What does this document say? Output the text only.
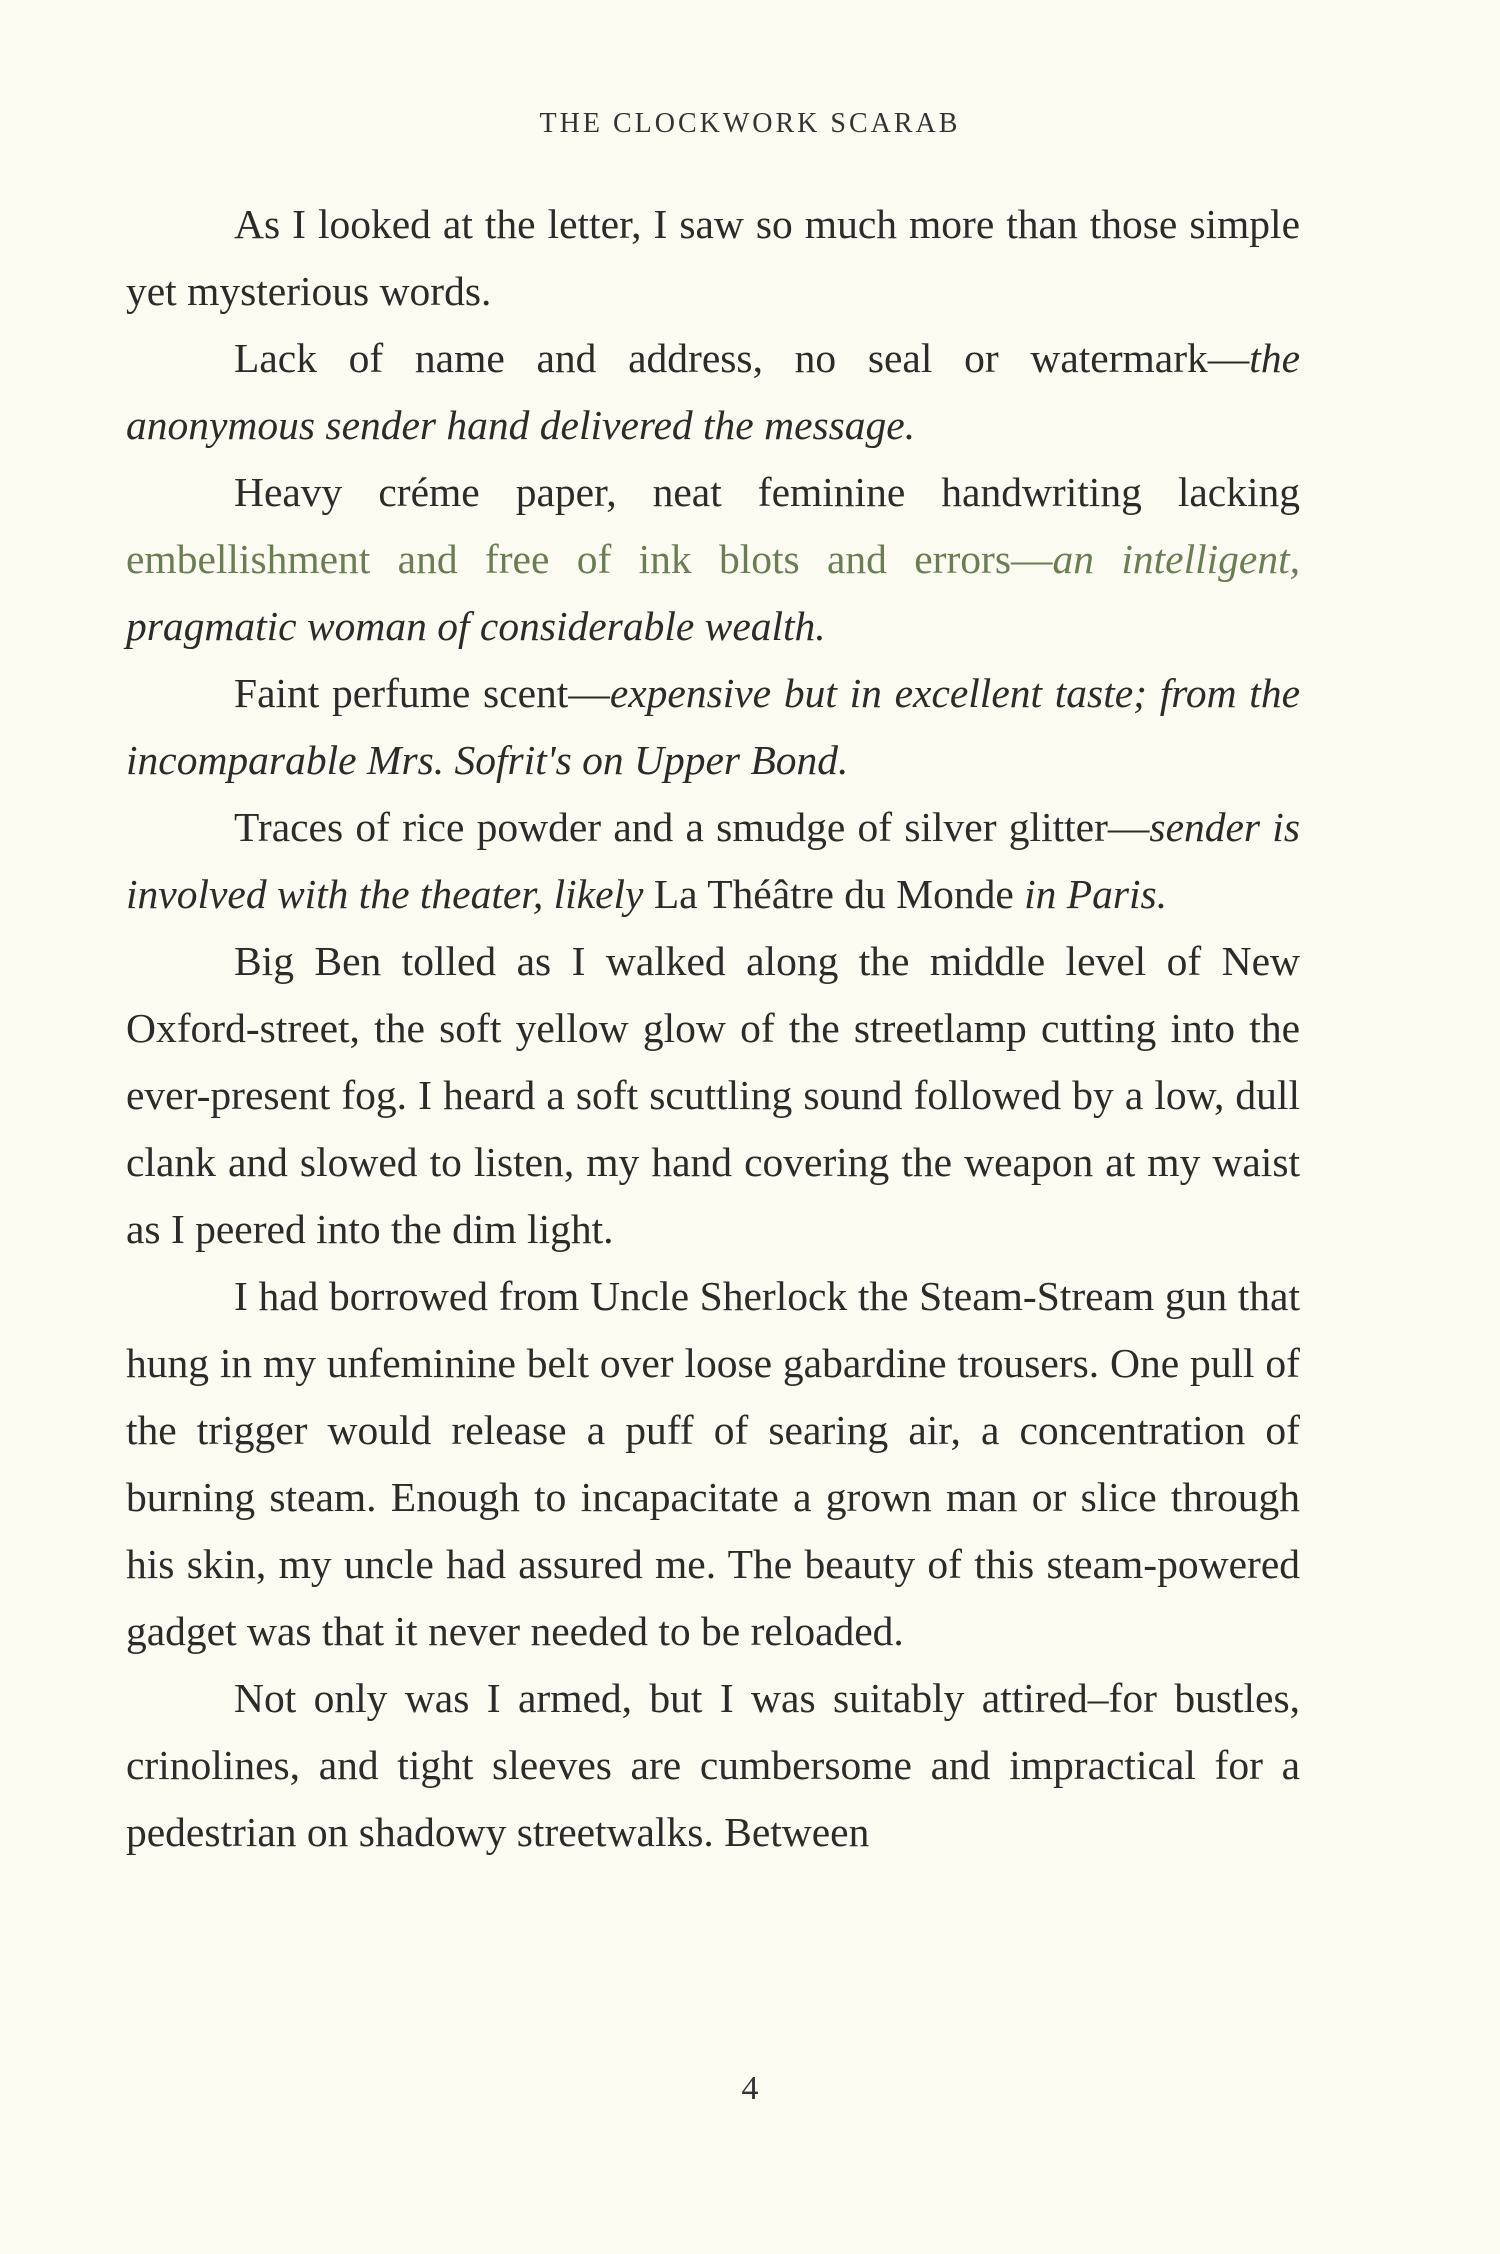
THE CLOCKWORK SCARAB

As I looked at the letter, I saw so much more than those simple yet mysterious words.

Lack of name and address, no seal or watermark—the anonymous sender hand delivered the message.

Heavy créme paper, neat feminine handwriting lacking embellishment and free of ink blots and errors—an intelligent, pragmatic woman of considerable wealth.

Faint perfume scent—expensive but in excellent taste; from the incomparable Mrs. Sofrit's on Upper Bond.

Traces of rice powder and a smudge of silver glitter—sender is involved with the theater, likely La Théâtre du Monde in Paris.

Big Ben tolled as I walked along the middle level of New Oxford-street, the soft yellow glow of the streetlamp cutting into the ever-present fog. I heard a soft scuttling sound followed by a low, dull clank and slowed to listen, my hand covering the weapon at my waist as I peered into the dim light.

I had borrowed from Uncle Sherlock the Steam-Stream gun that hung in my unfeminine belt over loose gabardine trousers. One pull of the trigger would release a puff of searing air, a concentration of burning steam. Enough to incapacitate a grown man or slice through his skin, my uncle had assured me. The beauty of this steam-powered gadget was that it never needed to be reloaded.

Not only was I armed, but I was suitably attired–for bustles, crinolines, and tight sleeves are cumbersome and impractical for a pedestrian on shadowy streetwalks. Between

4
